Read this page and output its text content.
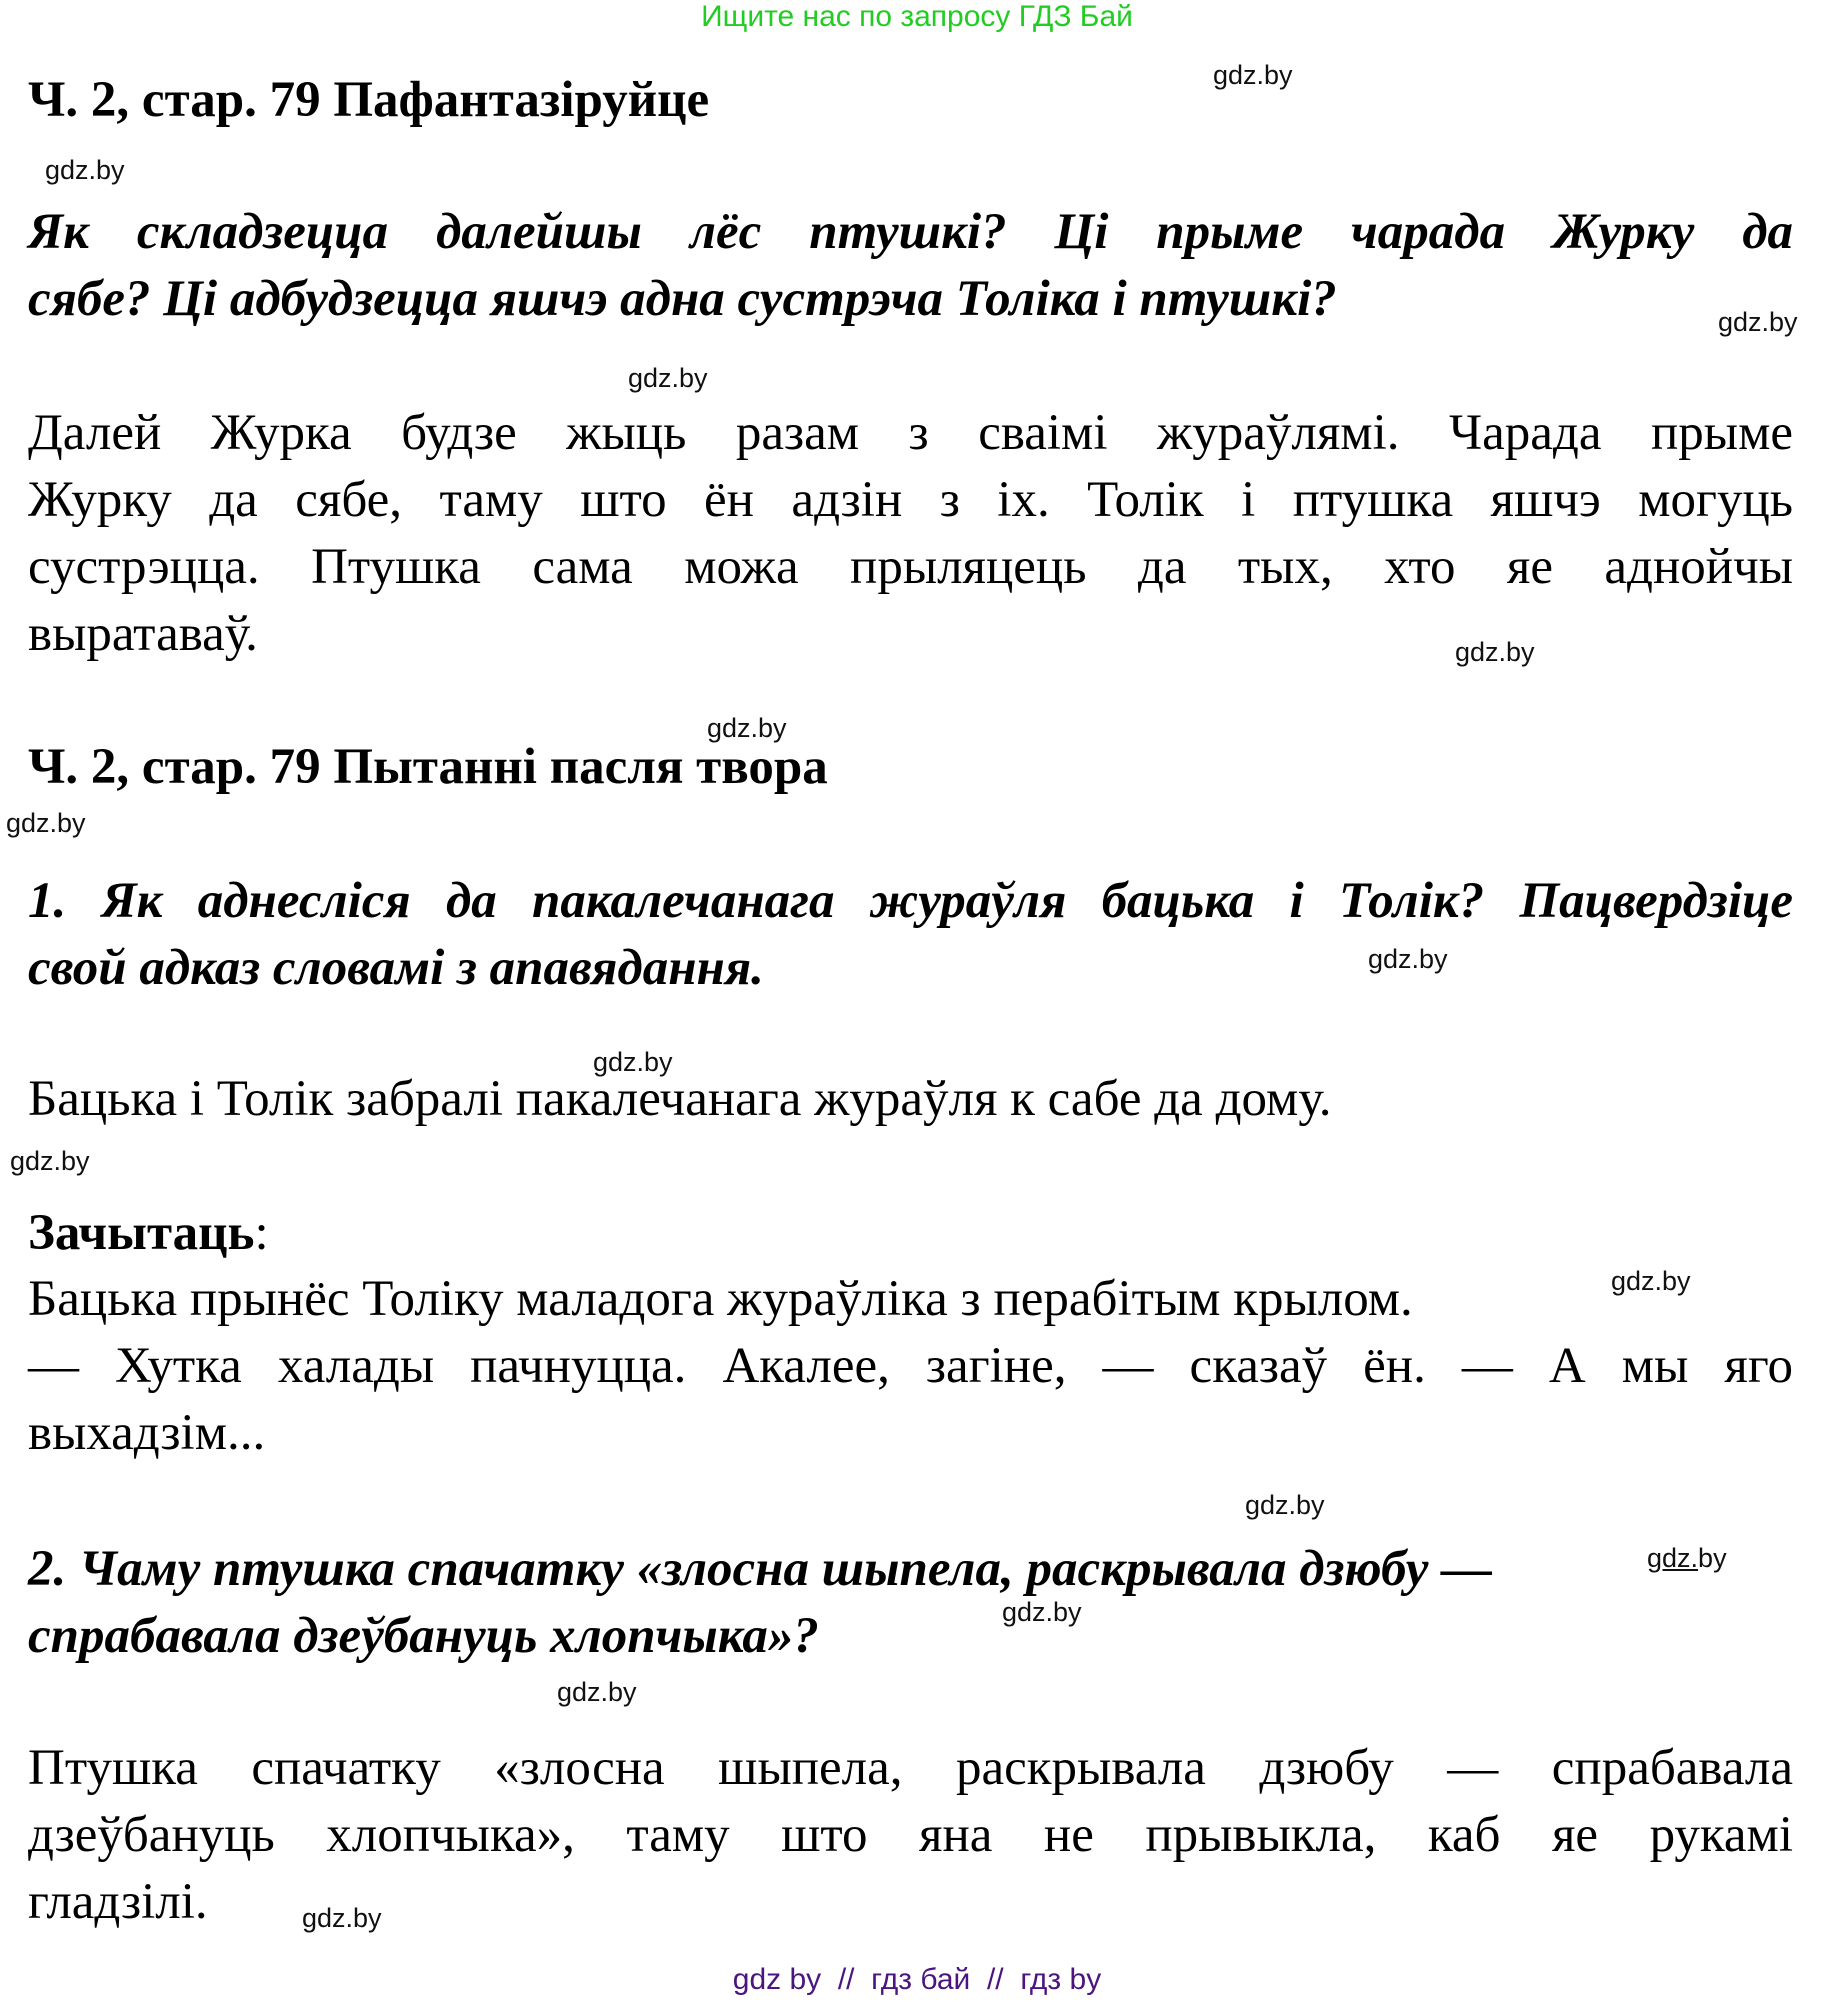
Ищите нас по запросу ГДЗ Бай
Ч. 2, стар. 79 Пафантазіруйце
Як складзецца далейшы лёс птушкі? Ці прыме чарада Журку да
сябе? Ці адбудзецца яшчэ адна сустрэча Толіка і птушкі?
Далей Журка будзе жыць разам з сваімі жураўлямі. Чарада прыме
Журку да сябе, таму што ён адзін з іх. Толік і птушка яшчэ могуць
сустрэцца. Птушка сама можа прыляцець да тых, хто яе аднойчы
выратаваў.
Ч. 2, стар. 79 Пытанні пасля твора
1. Як аднесліся да пакалечанага жураўля бацька і Толік? Пацвердзіце
свой адказ словамі з апавядання.
Бацька і Толік забралі пакалечанага жураўля к сабе да дому.
Зачытаць:
Бацька прынёс Толіку маладога жураўліка з перабітым крылом.
— Хутка халады пачнуцца. Акалее, загіне, — сказаў ён. — А мы яго
выхадзім...
2. Чаму птушка спачатку «злосна шыпела, раскрывала дзюбу —
спрабавала дзеўбануць хлопчыка»?
Птушка спачатку «злосна шыпела, раскрывала дзюбу — спрабавала
дзеўбануць хлопчыка», таму што яна не прывыкла, каб яе рукамі
гладзілі.
gdz.by
gdz.by
gdz.by
gdz.by
gdz.by
gdz.by
gdz.by
gdz.by
gdz.by
gdz.by
gdz.by
gdz.by
gdz.by
gdz.by
gdz.by
gdz.by
gdz by  //  гдз бай  //  гдз by
